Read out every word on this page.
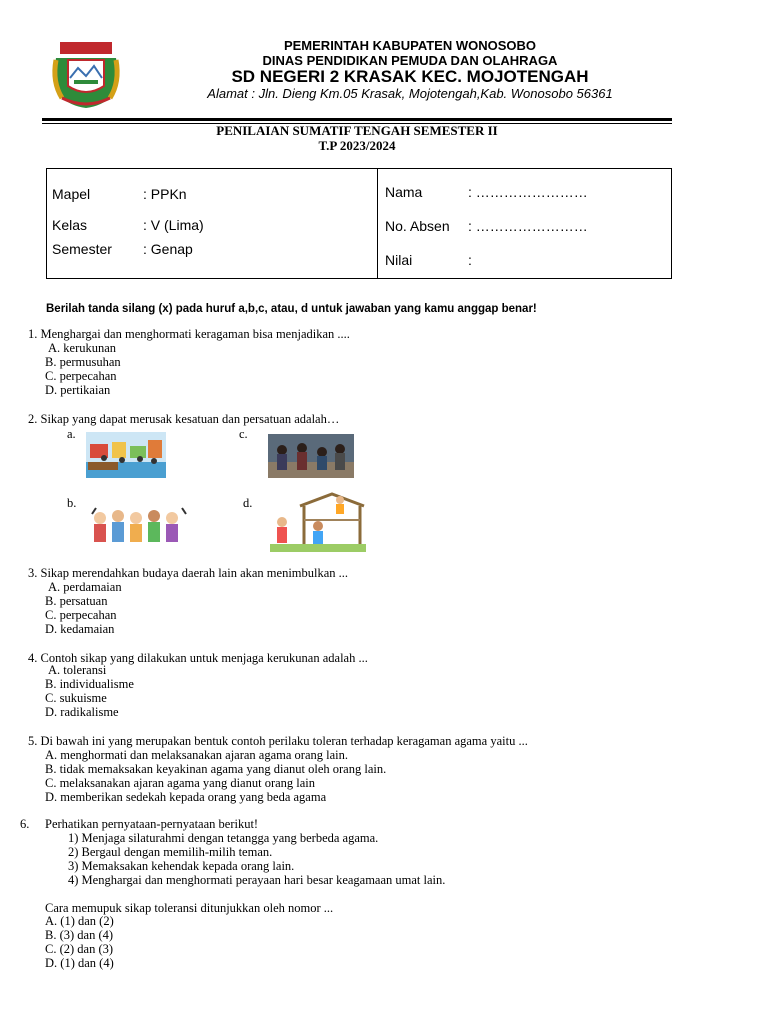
PEMERINTAH KABUPATEN WONOSOBO
DINAS PENDIDIKAN PEMUDA DAN OLAHRAGA
SD NEGERI 2 KRASAK KEC. MOJOTENGAH
Alamat : Jln. Dieng Km.05 Krasak, Mojotengah,Kab. Wonosobo 56361
PENILAIAN SUMATIF TENGAH SEMESTER II
T.P 2023/2024
Mapel	: PPKn
Kelas	: V (Lima)
Semester : Genap
Nama	: ……………………
No. Absen : ……………………
Nilai	:
Berilah tanda silang (x) pada huruf a,b,c, atau, d untuk jawaban yang kamu anggap benar!
1. Menghargai dan menghormati keragaman bisa menjadikan ....
A. kerukunan
B. permusuhan
C. perpecahan
D. pertikaian
2. Sikap yang dapat merusak kesatuan dan persatuan adalah…
a.	c.
b.	d.
3. Sikap merendahkan budaya daerah lain akan menimbulkan ...
A. perdamaian
B. persatuan
C. perpecahan
D. kedamaian
4. Contoh sikap yang dilakukan untuk menjaga kerukunan adalah ...
A. toleransi
B. individualisme
C. sukuisme
D. radikalisme
5. Di bawah ini yang merupakan bentuk contoh perilaku toleran terhadap keragaman agama yaitu ...
A. menghormati dan melaksanakan ajaran agama orang lain.
B. tidak memaksakan keyakinan agama yang dianut oleh orang lain.
C. melaksanakan ajaran agama yang dianut orang lain
D. memberikan sedekah kepada orang yang beda agama
6. Perhatikan pernyataan-pernyataan berikut!
1) Menjaga silaturahmi dengan tetangga yang berbeda agama.
2) Bergaul dengan memilih-milih teman.
3) Memaksakan kehendak kepada orang lain.
4) Menghargai dan menghormati perayaan hari besar keagamaan umat lain.
Cara memupuk sikap toleransi ditunjukkan oleh nomor ...
A. (1) dan (2)
B. (3) dan (4)
C. (2) dan (3)
D. (1) dan (4)
